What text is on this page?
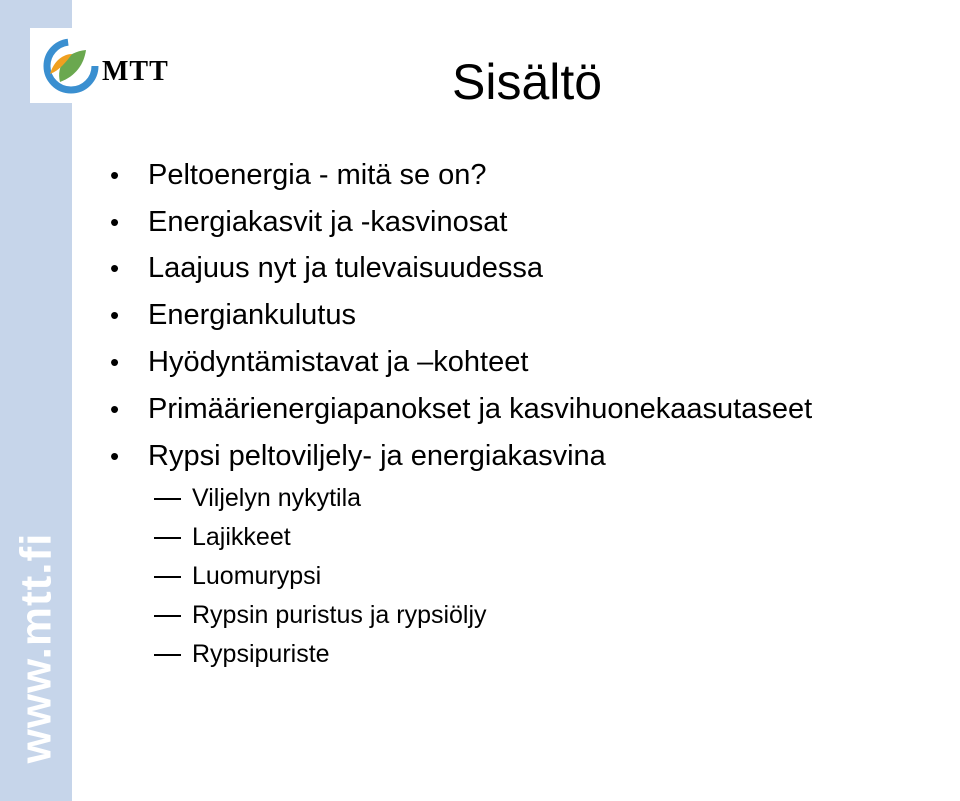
www.mtt.fi
MTT	Sisältö
• Peltoenergia - mitä se on?
• Energiakasvit ja -kasvinosat
• Laajuus nyt ja tulevaisuudessa
• Energiankulutus
• Hyödyntämistavat ja –kohteet
• Primäärienergiapanokset ja kasvihuonekaasutaseet
• Rypsi peltoviljely- ja energiakasvina
Viljelyn nykytila
Lajikkeet
Luomurypsi
Rypsin puristus ja rypsiöljy
Rypsipuriste
